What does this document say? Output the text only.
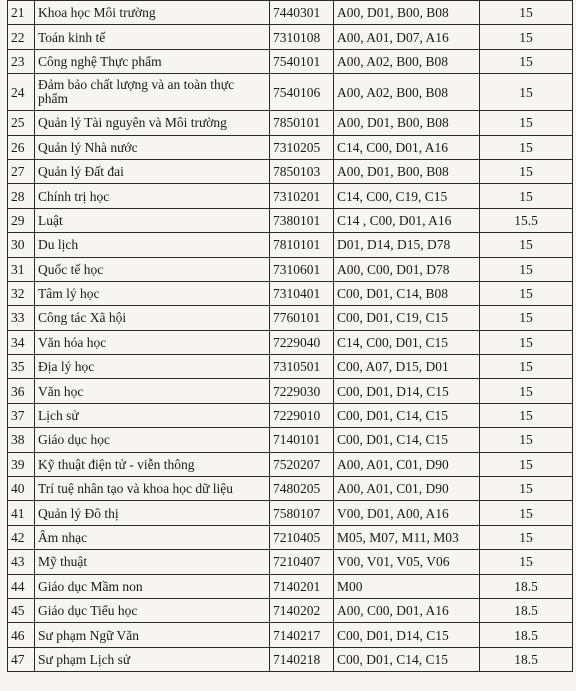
21	Khoa học Môi trường	7440301	A00, D01, B00, B08	15
22	Toán kinh tế	7310108	A00, A01, D07, A16	15
23	Công nghệ Thực phẩm	7540101	A00, A02, B00, B08	15
24	Đảm bảo chất lượng và an toàn thực phẩm	7540106	A00, A02, B00, B08	15
25	Quản lý Tài nguyên và Môi trường	7850101	A00, D01, B00, B08	15
26	Quản lý Nhà nước	7310205	C14, C00, D01, A16	15
27	Quản lý Đất đai	7850103	A00, D01, B00, B08	15
28	Chính trị học	7310201	C14, C00, C19, C15	15
29	Luật	7380101	C14 , C00, D01, A16	15.5
30	Du lịch	7810101	D01, D14, D15, D78	15
31	Quốc tế học	7310601	A00, C00, D01, D78	15
32	Tâm lý học	7310401	C00, D01, C14, B08	15
33	Công tác Xã hội	7760101	C00, D01, C19, C15	15
34	Văn hóa học	7229040	C14, C00, D01, C15	15
35	Địa lý học	7310501	C00, A07, D15, D01	15
36	Văn học	7229030	C00, D01, D14, C15	15
37	Lịch sử	7229010	C00, D01, C14, C15	15
38	Giáo dục học	7140101	C00, D01, C14, C15	15
39	Kỹ thuật điện tử - viễn thông	7520207	A00, A01, C01, D90	15
40	Trí tuệ nhân tạo và khoa học dữ liệu	7480205	A00, A01, C01, D90	15
41	Quản lý Đô thị	7580107	V00, D01, A00, A16	15
42	Âm nhạc	7210405	M05, M07, M11, M03	15
43	Mỹ thuật	7210407	V00, V01, V05, V06	15
44	Giáo dục Mầm non	7140201	M00	18.5
45	Giáo dục Tiểu học	7140202	A00, C00, D01, A16	18.5
46	Sư phạm Ngữ Văn	7140217	C00, D01, D14, C15	18.5
47	Sư phạm Lịch sử	7140218	C00, D01, C14, C15	18.5
